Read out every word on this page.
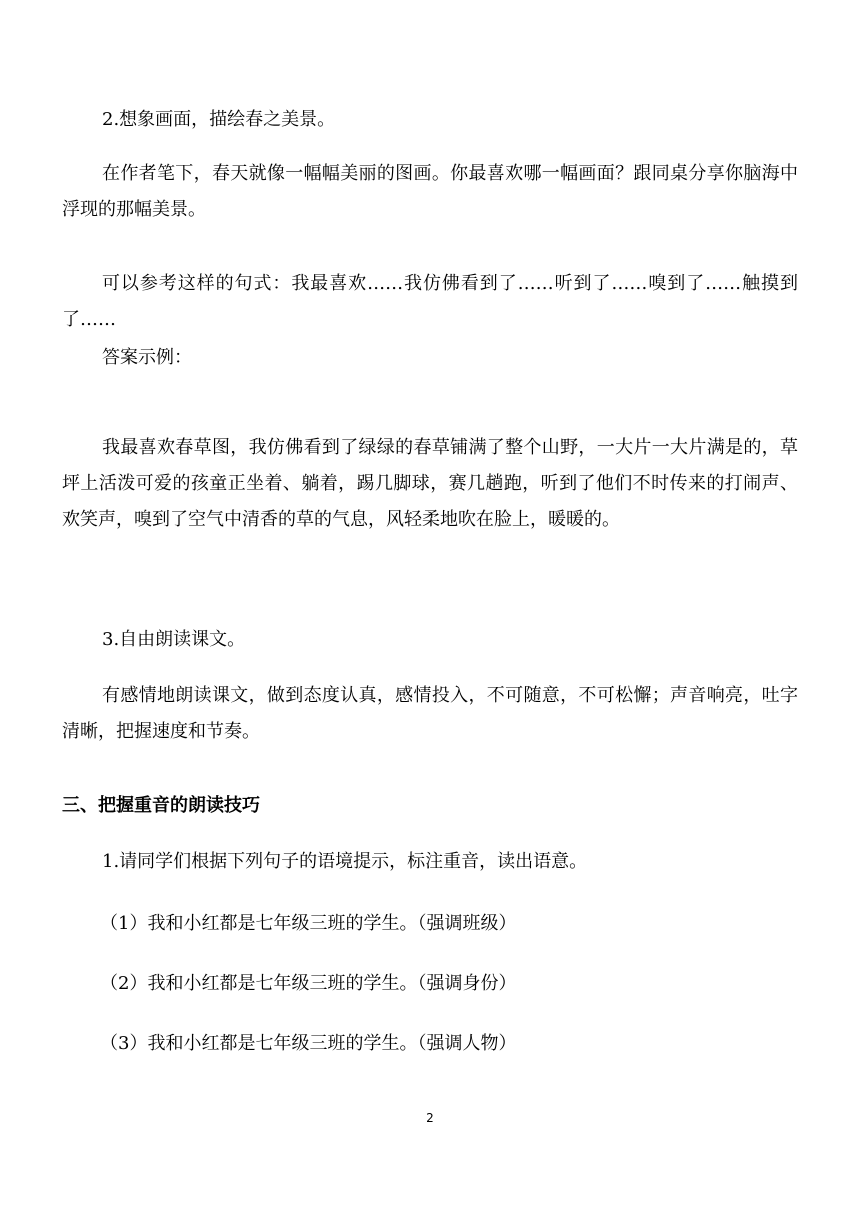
2.想象画面，描绘春之美景。

在作者笔下，春天就像一幅幅美丽的图画。你最喜欢哪一幅画面？跟同桌分享你脑海中浮现的那幅美景。

可以参考这样的句式：我最喜欢……我仿佛看到了……听到了……嗅到了……触摸到了……

答案示例：

我最喜欢春草图，我仿佛看到了绿绿的春草铺满了整个山野，一大片一大片满是的，草坪上活泼可爱的孩童正坐着、躺着，踢几脚球，赛几趟跑，听到了他们不时传来的打闹声、欢笑声，嗅到了空气中清香的草的气息，风轻柔地吹在脸上，暖暖的。

3.自由朗读课文。

有感情地朗读课文，做到态度认真，感情投入，不可随意，不可松懈；声音响亮，吐字清晰，把握速度和节奏。

三、把握重音的朗读技巧

1.请同学们根据下列句子的语境提示，标注重音，读出语意。

（1）我和小红都是七年级三班的学生。（强调班级）

（2）我和小红都是七年级三班的学生。（强调身份）

（3）我和小红都是七年级三班的学生。（强调人物）

2
